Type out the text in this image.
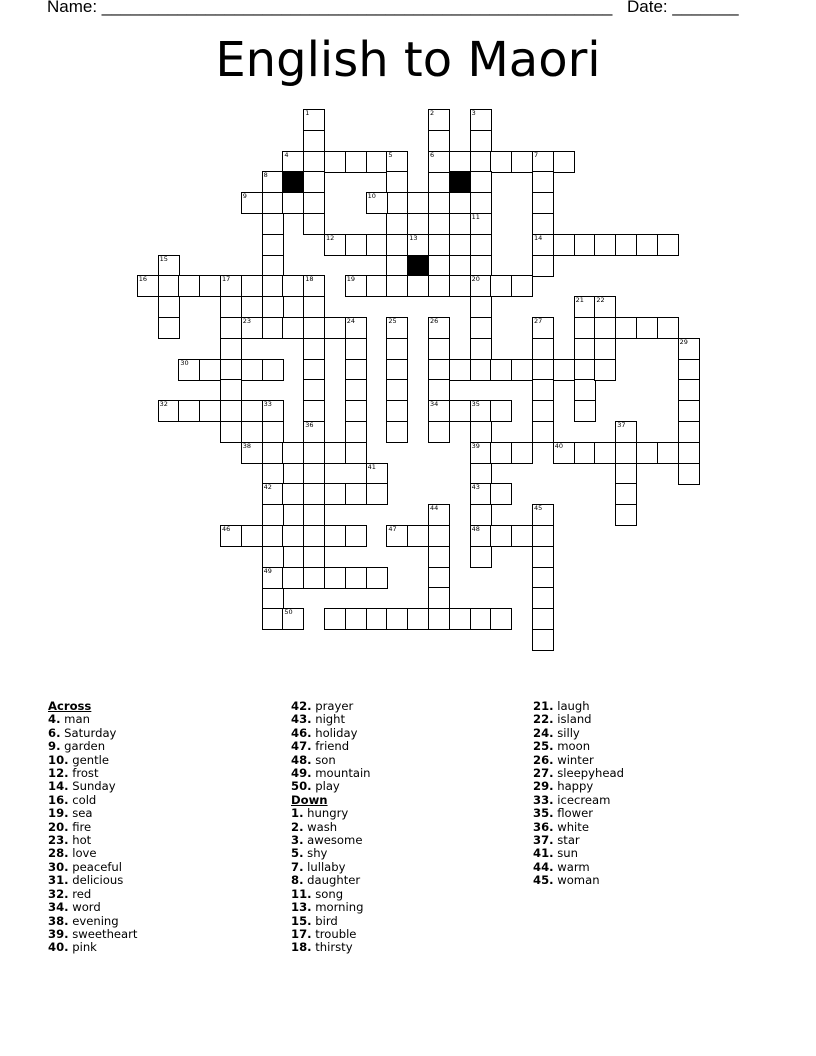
Name: ______________________________________________________ Date: _______
English to Maori
1	2	3
4	5	6	7
8
9	10
11
12	13	14
15
16	17	18	19	20
21 22
23	24	25	26	27
29
30
32	33	34	35
36	37
38	39	40
41
42	43
44	45
46	47	48
49
50
Across
4. man
6. Saturday
9. garden
10. gentle
12. frost
14. Sunday
16. cold
19. sea
20. fire
23. hot
28. love
30. peaceful
31. delicious
32. red
34. word
38. evening
39. sweetheart
40. pink
42. prayer
43. night
46. holiday
47. friend
48. son
49. mountain
50. play
Down
1. hungry
2. wash
3. awesome
5. shy
7. lullaby
8. daughter
11. song
13. morning
15. bird
17. trouble
18. thirsty
21. laugh
22. island
24. silly
25. moon
26. winter
27. sleepyhead
29. happy
33. icecream
35. flower
36. white
37. star
41. sun
44. warm
45. woman
